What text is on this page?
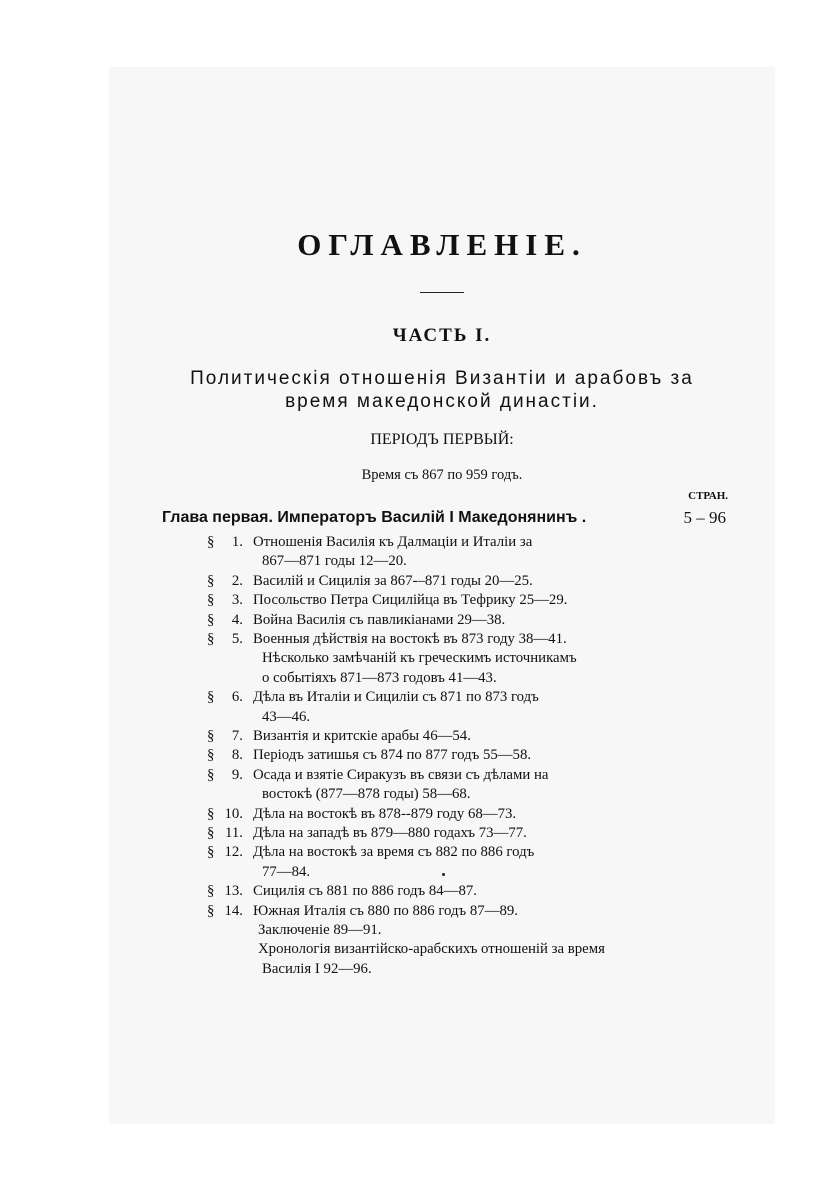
ОГЛАВЛЕНІЕ.
ЧАСТЬ I.
Политическія отношенія Византіи и арабовъ за
время македонской династіи.
ПЕРІОДЪ ПЕРВЫЙ:
Время съ 867 по 959 годъ.
СТРАН.
Глава первая. Императоръ Василій I Македонянинъ .	5 – 96
§	1. Отношенія Василія къ Далмаціи и Италіи за
867—871 годы 12—20.
§	2. Василій и Сицилія за 867-–871 годы 20—25.
§	3. Посольство Петра Сицилійца въ Тефрику 25—29.
§	4. Война Василія съ павликіанами 29—38.
§	5. Военныя дѣйствія на востокѣ въ 873 году 38—41.
Нѣсколько замѣчаній къ греческимъ источникамъ
о событіяхъ 871—873 годовъ 41—43.
§	6. Дѣла въ Италіи и Сициліи съ 871 по 873 годъ
43—46.
§	7. Византія и критскіе арабы 46—54.
§	8. Періодъ затишья съ 874 по 877 годъ 55—58.
§	9. Осада и взятіе Сиракузъ въ связи съ дѣлами на
востокѣ (877—878 годы) 58—68.
§ 10. Дѣла на востокѣ въ 878--879 году 68—73.
§ 11. Дѣла на западѣ въ 879—880 годахъ 73—77.
§ 12. Дѣла на востокѣ за время съ 882 по 886 годъ
77—84.
§ 13. Сицилія съ 881 по 886 годъ 84—87.
§ 14. Южная Италія съ 880 по 886 годъ 87—89.
Заключеніе 89—91.
Хронологія византійско-арабскихъ отношеній за время
Василія I 92—96.
